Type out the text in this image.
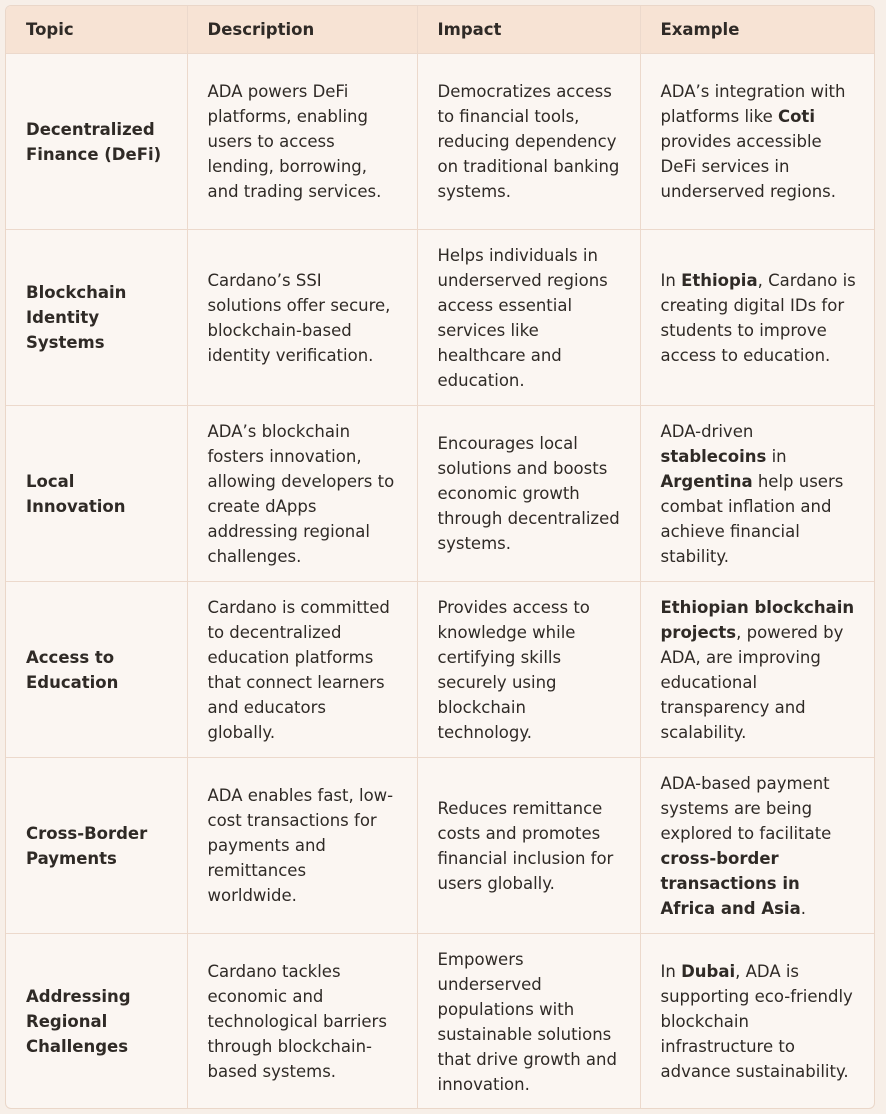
Topic	Description	Impact	Example
Decentralized Finance (DeFi)	ADA powers DeFi platforms, enabling users to access lending, borrowing, and trading services.	Democratizes access to financial tools, reducing dependency on traditional banking systems.	ADA’s integration with platforms like Coti provides accessible DeFi services in underserved regions.
Blockchain Identity Systems	Cardano’s SSI solutions offer secure, blockchain-based identity verification.	Helps individuals in underserved regions access essential services like healthcare and education.	In Ethiopia, Cardano is creating digital IDs for students to improve access to education.
Local Innovation	ADA’s blockchain fosters innovation, allowing developers to create dApps addressing regional challenges.	Encourages local solutions and boosts economic growth through decentralized systems.	ADA-driven stablecoins in Argentina help users combat inflation and achieve financial stability.
Access to Education	Cardano is committed to decentralized education platforms that connect learners and educators globally.	Provides access to knowledge while certifying skills securely using blockchain technology.	Ethiopian blockchain projects, powered by ADA, are improving educational transparency and scalability.
Cross-Border Payments	ADA enables fast, low-cost transactions for payments and remittances worldwide.	Reduces remittance costs and promotes financial inclusion for users globally.	ADA-based payment systems are being explored to facilitate cross-border transactions in Africa and Asia.
Addressing Regional Challenges	Cardano tackles economic and technological barriers through blockchain-based systems.	Empowers underserved populations with sustainable solutions that drive growth and innovation.	In Dubai, ADA is supporting eco-friendly blockchain infrastructure to advance sustainability.
